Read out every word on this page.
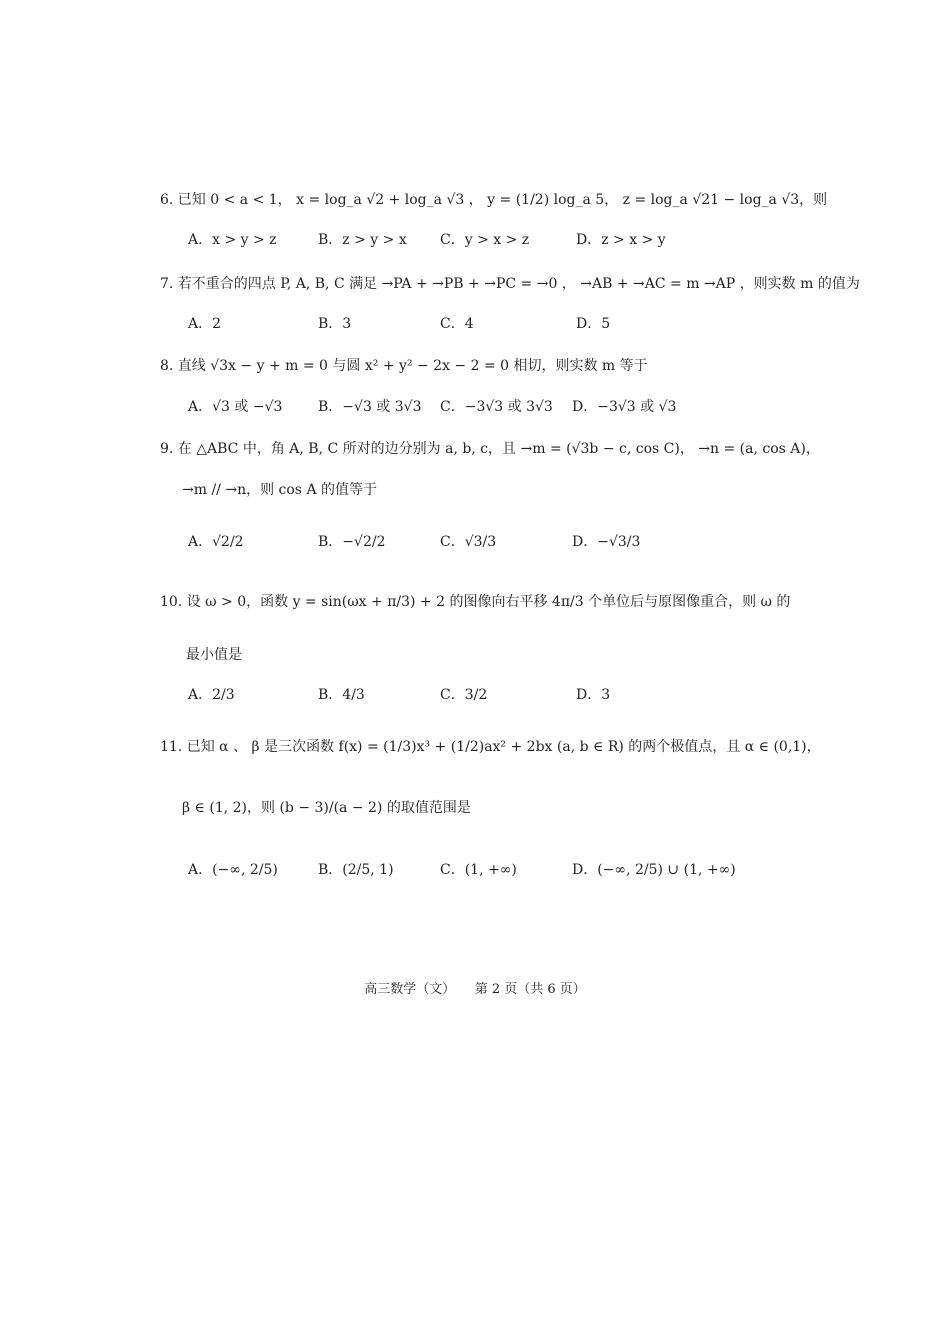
6. 已知 0 < a < 1， x = log_a √2 + log_a √3 ， y = (1/2) log_a 5， z = log_a √21 − log_a √3，则
A．x > y > z	B．z > y > x C．y > x > z	D．z > x > y
7. 若不重合的四点 P, A, B, C 满足 →PA + →PB + →PC = →0 ， →AB + →AC = m →AP ，则实数 m 的值为
A．2	B．3	C．4	D．5
8. 直线 √3x − y + m = 0 与圆 x² + y² − 2x − 2 = 0 相切，则实数 m 等于
A．√3 或 −√3	B．−√3 或 3√3 C．−3√3 或 3√3 D．−3√3 或 √3
9. 在 △ABC 中，角 A, B, C 所对的边分别为 a, b, c，且 →m = (√3b − c, cos C)， →n = (a, cos A)，
→m // →n，则 cos A 的值等于
A．√2/2	B．−√2/2	C．√3/3	D．−√3/3
10. 设 ω > 0，函数 y = sin(ωx + π/3) + 2 的图像向右平移 4π/3 个单位后与原图像重合，则 ω 的
最小值是
A．2/3	B．4/3	C．3/2	D．3
11. 已知 α 、 β 是三次函数 f(x) = (1/3)x³ + (1/2)ax² + 2bx (a, b ∈ R) 的两个极值点，且 α ∈ (0,1)，
β ∈ (1, 2)，则 (b − 3)/(a − 2) 的取值范围是
A．(−∞, 2/5)	B．(2/5, 1)	C．(1, +∞)	D．(−∞, 2/5) ∪ (1, +∞)
高三数学（文）　　第 2 页（共 6 页）
